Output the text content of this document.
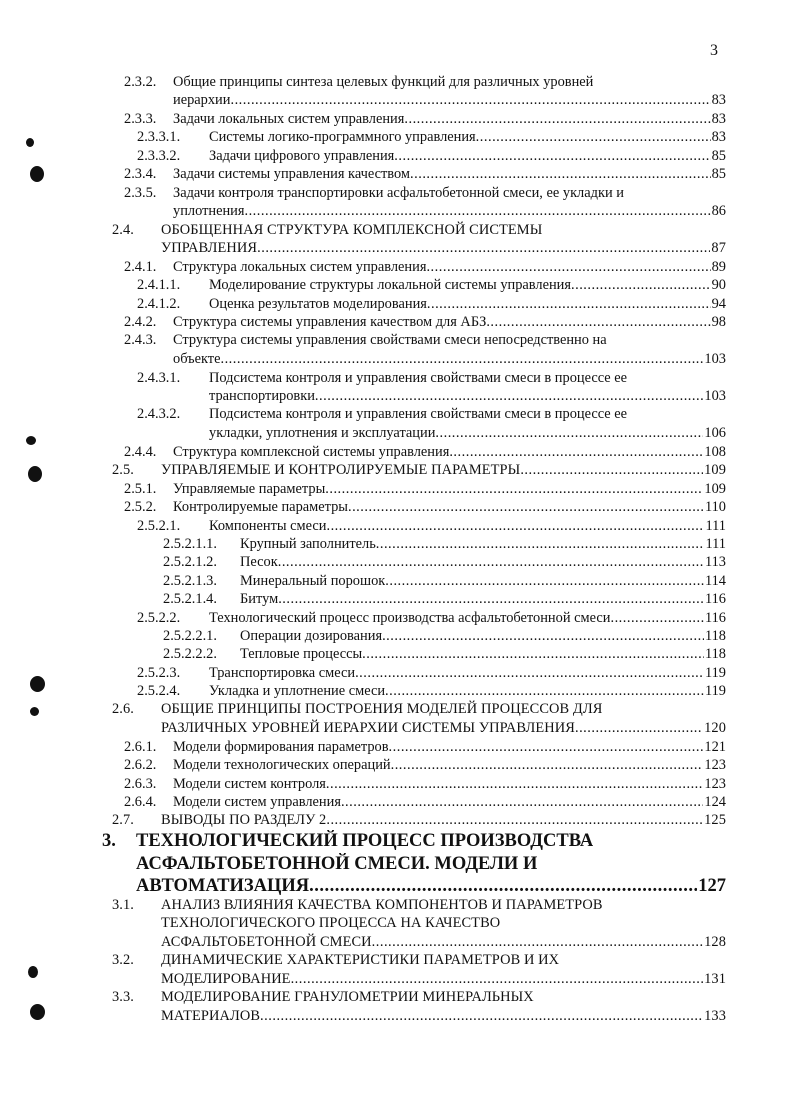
3
2.3.2. Общие принципы синтеза целевых функций для различных уровней
иерархии .....	83
2.3.3.	Задачи локальных систем управления .....	83
2.3.3.1.	Системы логико-программного управления .....	83
2.3.3.2.	Задачи цифрового управления .....	85
2.3.4.	Задачи системы управления качеством .....	85
2.3.5.	Задачи контроля транспортировки асфальтобетонной смеси, ее укладки и
уплотнения .....	86
2.4.	ОБОБЩЕННАЯ СТРУКТУРА КОМПЛЕКСНОЙ СИСТЕМЫ
УПРАВЛЕНИЯ .....	87
2.4.1.	Структура локальных систем управления .....	89
2.4.1.1.	Моделирование структуры локальной системы управления .....	90
2.4.1.2.	Оценка результатов моделирования .....	94
2.4.2.	Структура системы управления качеством для АБЗ .....	98
2.4.3.	Структура системы управления свойствами смеси непосредственно на
объекте .....	103
2.4.3.1.	Подсистема контроля и управления свойствами смеси в процессе ее
транспортировки .....	103
2.4.3.2.	Подсистема контроля и управления свойствами смеси в процессе ее
укладки, уплотнения и эксплуатации .....	106
2.4.4.	Структура комплексной системы управления .....	108
2.5.	УПРАВЛЯЕМЫЕ И КОНТРОЛИРУЕМЫЕ ПАРАМЕТРЫ .....	109
2.5.1.	Управляемые параметры .....	109
2.5.2.	Контролируемые параметры .....	110
2.5.2.1.	Компоненты смеси .....	111
2.5.2.1.1.	Крупный заполнитель .....	111
2.5.2.1.2.	Песок .....	113
2.5.2.1.3.	Минеральный порошок .....	114
2.5.2.1.4.	Битум .....	116
2.5.2.2.	Технологический процесс производства асфальтобетонной смеси .....	116
2.5.2.2.1.	Операции дозирования .....	118
2.5.2.2.2.	Тепловые процессы .....	118
2.5.2.3.	Транспортировка смеси .....	119
2.5.2.4.	Укладка и уплотнение смеси .....	119
2.6.	ОБЩИЕ ПРИНЦИПЫ ПОСТРОЕНИЯ МОДЕЛЕЙ ПРОЦЕССОВ ДЛЯ
РАЗЛИЧНЫХ УРОВНЕЙ ИЕРАРХИИ СИСТЕМЫ УПРАВЛЕНИЯ .....	120
2.6.1.	Модели формирования параметров .....	121
2.6.2.	Модели технологических операций .....	123
2.6.3.	Модели систем контроля .....	123
2.6.4.	Модели систем управления .....	124
2.7.	ВЫВОДЫ ПО РАЗДЕЛУ 2 .....	125
3.	ТЕХНОЛОГИЧЕСКИЙ ПРОЦЕСС ПРОИЗВОДСТВА
АСФАЛЬТОБЕТОННОЙ СМЕСИ. МОДЕЛИ И
АВТОМАТИЗАЦИЯ .....	127
3.1.	АНАЛИЗ ВЛИЯНИЯ КАЧЕСТВА КОМПОНЕНТОВ И ПАРАМЕТРОВ
ТЕХНОЛОГИЧЕСКОГО ПРОЦЕССА НА КАЧЕСТВО
АСФАЛЬТОБЕТОННОЙ СМЕСИ .....	128
3.2.	ДИНАМИЧЕСКИЕ ХАРАКТЕРИСТИКИ ПАРАМЕТРОВ И ИХ
МОДЕЛИРОВАНИЕ .....	131
3.3.	МОДЕЛИРОВАНИЕ ГРАНУЛОМЕТРИИ МИНЕРАЛЬНЫХ
МАТЕРИАЛОВ .....	133
